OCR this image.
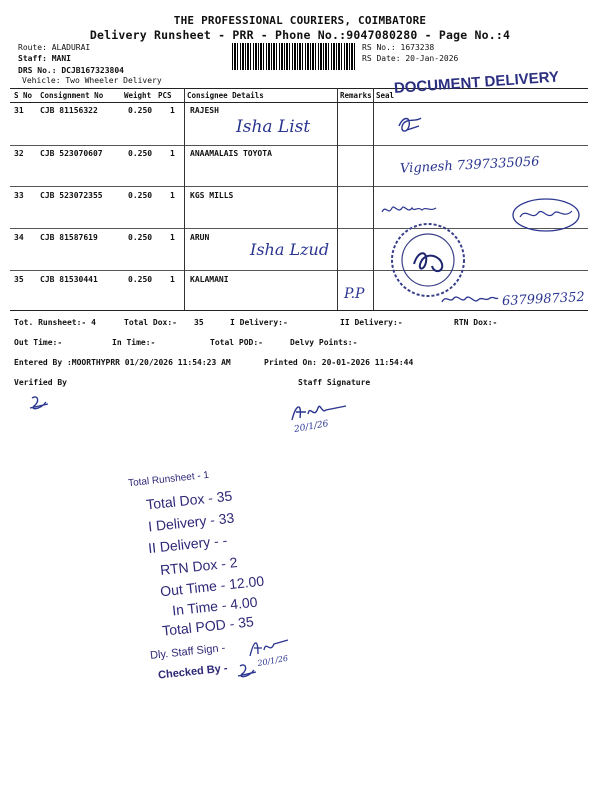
THE PROFESSIONAL COURIERS, COIMBATORE
Delivery Runsheet - PRR - Phone No.:9047080280 - Page No.:4
Route: ALADURAI
Staff: MANI
DRS No.: DCJB167323804
Vehicle: Two Wheeler Delivery
RS No.: 1673238
RS Date: 20-Jan-2026
S No Consignment No	Weight PCS Consignee Details	Remarks Seal
31 CJB 81156322	0.250 1 RAJESH
Isha List
32 CJB 523070607	0.250 1 ANAAMALAIS TOYOTA
33 CJB 523072355	0.250 1 KGS MILLS
34 CJB 81587619	0.250 1 ARUN
Isha Lzud
35 CJB 81530441	0.250 1 KALAMANI
P.P
DOCUMENT DELIVERY
Vignesh 7397335056
6379987352
Tot. Runsheet:- 4	Total Dox:- 35	I Delivery:-	II Delivery:-	RTN Dox:-
Out Time:-	In Time:-	Total POD:-	Delvy Points:-
Entered By :MOORTHYPRR 01/20/2026 11:54:23 AM	Printed On: 20-01-2026 11:54:44
Verified By	Staff Signature
20/1/26
Total Runsheet - 1
Total Dox - 35
I Delivery - 33
II Delivery - -
RTN Dox - 2
Out Time - 12.00
In Time - 4.00
Total POD - 35
Dly. Staff Sign -
Checked By -
20/1/26
